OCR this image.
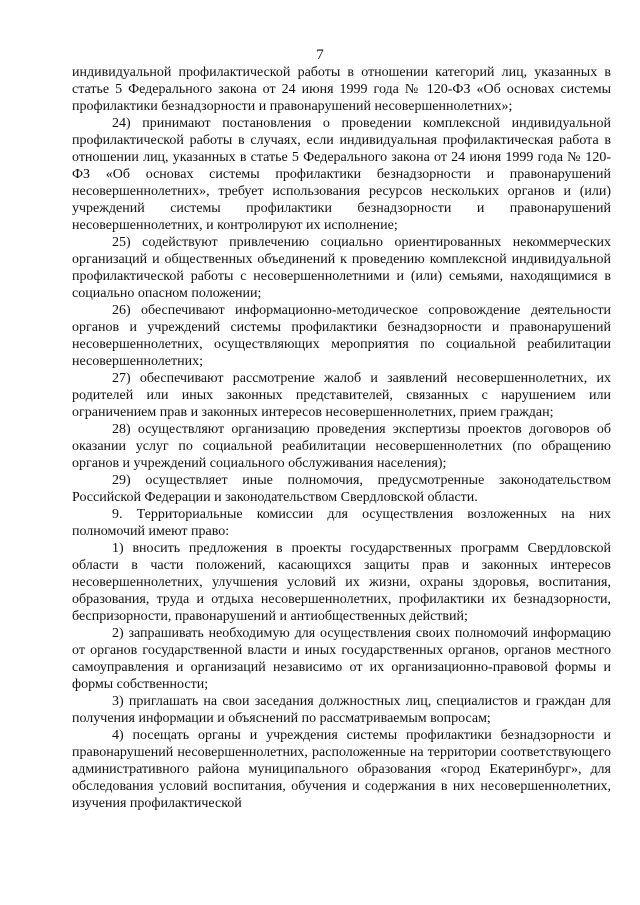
7

индивидуальной профилактической работы в отношении категорий лиц, указанных в статье 5 Федерального закона от 24 июня 1999 года № 120-ФЗ «Об основах системы профилактики безнадзорности и правонарушений несовершеннолетних»;

24) принимают постановления о проведении комплексной индивидуальной профилактической работы в случаях, если индивидуальная профилактическая работа в отношении лиц, указанных в статье 5 Федерального закона от 24 июня 1999 года № 120-ФЗ «Об основах системы профилактики безнадзорности и правонарушений несовершеннолетних», требует использования ресурсов нескольких органов и (или) учреждений системы профилактики безнадзорности и правонарушений несовершеннолетних, и контролируют их исполнение;

25) содействуют привлечению социально ориентированных некоммерческих организаций и общественных объединений к проведению комплексной индивидуальной профилактической работы с несовершеннолетними и (или) семьями, находящимися в социально опасном положении;

26) обеспечивают информационно-методическое сопровождение деятельности органов и учреждений системы профилактики безнадзорности и правонарушений несовершеннолетних, осуществляющих мероприятия по социальной реабилитации несовершеннолетних;

27) обеспечивают рассмотрение жалоб и заявлений несовершеннолетних, их родителей или иных законных представителей, связанных с нарушением или ограничением прав и законных интересов несовершеннолетних, прием граждан;

28) осуществляют организацию проведения экспертизы проектов договоров об оказании услуг по социальной реабилитации несовершеннолетних (по обращению органов и учреждений социального обслуживания населения);

29) осуществляет иные полномочия, предусмотренные законодательством Российской Федерации и законодательством Свердловской области.

9. Территориальные комиссии для осуществления возложенных на них полномочий имеют право:

1) вносить предложения в проекты государственных программ Свердловской области в части положений, касающихся защиты прав и законных интересов несовершеннолетних, улучшения условий их жизни, охраны здоровья, воспитания, образования, труда и отдыха несовершеннолетних, профилактики их безнадзорности, беспризорности, правонарушений и антиобщественных действий;

2) запрашивать необходимую для осуществления своих полномочий информацию от органов государственной власти и иных государственных органов, органов местного самоуправления и организаций независимо от их организационно-правовой формы и формы собственности;

3) приглашать на свои заседания должностных лиц, специалистов и граждан для получения информации и объяснений по рассматриваемым вопросам;

4) посещать органы и учреждения системы профилактики безнадзорности и правонарушений несовершеннолетних, расположенные на территории соответствующего административного района муниципального образования «город Екатеринбург», для обследования условий воспитания, обучения и содержания в них несовершеннолетних, изучения профилактической
